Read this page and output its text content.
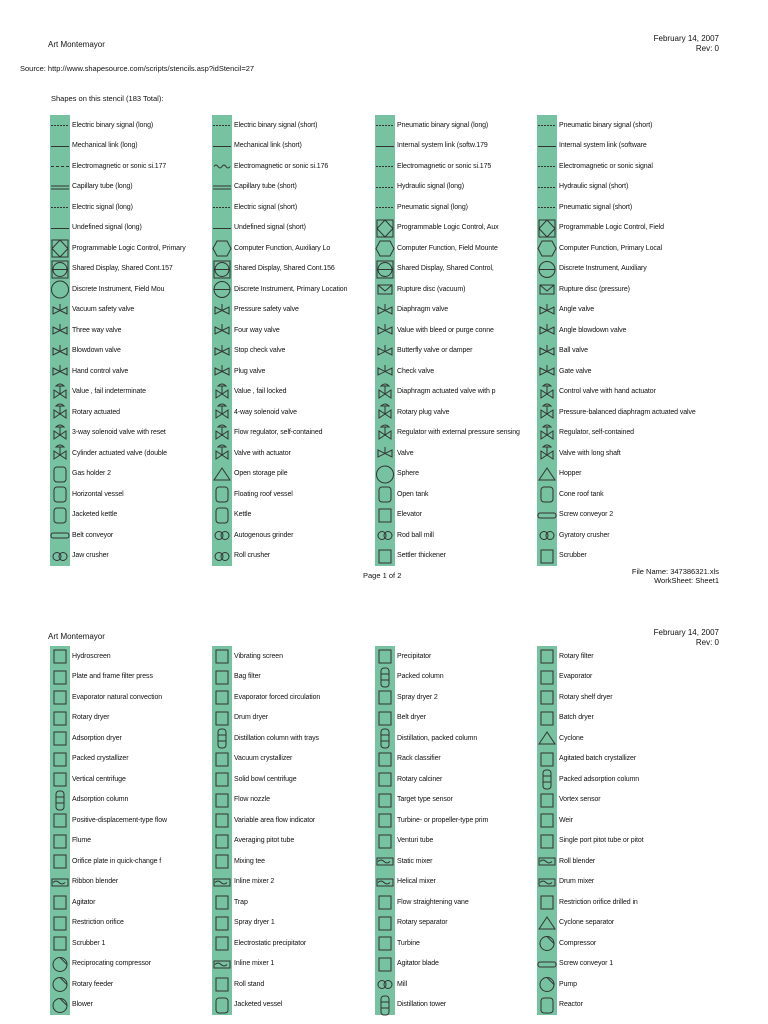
Art Montemayor
February 14, 2007
Rev: 0
Source: http://www.shapesource.com/scripts/stencils.asp?idStencil=27
Shapes on this stencil (183 Total):
Electric binary signal (long)
Mechanical link (long)
Electromagnetic or sonic si.177
Capillary tube (long)
Electric signal (long)
Undefined signal (long)
Programmable Logic Control, Primary
Shared Display, Shared Cont.157
Discrete Instrument, Field Mou
Vacuum safety valve
Three way valve
Blowdown valve
Hand control valve
Value , fail indeterminate
Rotary actuated
3-way solenoid valve with reset
Cylinder actuated valve (double
Gas holder 2
Horizontal vessel
Jacketed kettle
Belt conveyor
Jaw crusher
Electric binary signal (short)
Mechanical link (short)
Electromagnetic or sonic si.176
Capillary tube (short)
Electric signal (short)
Undefined signal (short)
Computer Function, Auxiliary Lo
Shared Display, Shared Cont.156
Discrete Instrument, Primary Location
Pressure safety valve
Four way valve
Stop check valve
Plug valve
Value , fail locked
4-way solenoid valve
Flow regulator, self-contained
Valve with actuator
Open storage pile
Floating roof vessel
Kettle
Autogenous grinder
Roll crusher
Pneumatic binary signal (long)
Internal system link (softw.179
Electromagnetic or sonic si.175
Hydraulic signal (long)
Pneumatic signal (long)
Programmable Logic Control, Aux
Computer Function, Field Mounte
Shared Display, Shared Control,
Rupture disc (vacuum)
Diaphragm valve
Value with bleed or purge conne
Butterfly valve or damper
Check valve
Diaphragm actuated valve with p
Rotary plug valve
Regulator with external pressure sensing
Valve
Sphere
Open tank
Elevator
Rod ball mill
Settler thickener
Pneumatic binary signal (short)
Internal system link (software
Electromagnetic or sonic signal
Hydraulic signal (short)
Pneumatic signal (short)
Programmable Logic Control, Field
Computer Function, Primary Local
Discrete Instrument, Auxiliary
Rupture disc (pressure)
Angle valve
Angle blowdown valve
Ball valve
Gate valve
Control valve with hand actuator
Pressure-balanced diaphragm actuated valve
Regulator, self-contained
Valve with long shaft
Hopper
Cone roof tank
Screw conveyor 2
Gyratory crusher
Scrubber
Page 1 of 2	File Name: 347386321.xls
WorkSheet: Sheet1
Art Montemayor	February 14, 2007
Rev: 0
Hydroscreen
Plate and frame filter press
Evaporator natural convection
Rotary dryer
Adsorption dryer
Packed crystallizer
Vertical centrifuge
Adsorption column
Positive-displacement-type flow
Flume
Orifice plate in quick-change f
Ribbon blender
Agitator
Restriction orifice
Scrubber 1
Reciprocating compressor
Rotary feeder
Blower
Vibrating screen
Bag filter
Evaporator forced circulation
Drum dryer
Distillation column with trays
Vacuum crystallizer
Solid bowl centrifuge
Flow nozzle
Variable area flow indicator
Averaging pitot tube
Mixing tee
Inline mixer 2
Trap
Spray dryer 1
Electrostatic precipitator
Inline mixer 1
Roll stand
Jacketed vessel
Precipitator
Packed column
Spray dryer 2
Belt dryer
Distillation, packed column
Rack classifier
Rotary calciner
Target type sensor
Turbine- or propeller-type prim
Venturi tube
Static mixer
Helical mixer
Flow straightening vane
Rotary separator
Turbine
Agitator blade
Mill
Distillation tower
Rotary filter
Evaporator
Rotary shelf dryer
Batch dryer
Cyclone
Agitated batch crystallizer
Packed adsorption column
Vortex sensor
Weir
Single port pitot tube or pitot
Roll blender
Drum mixer
Restriction orifice drilled in
Cyclone separator
Compressor
Screw conveyor 1
Pump
Reactor
